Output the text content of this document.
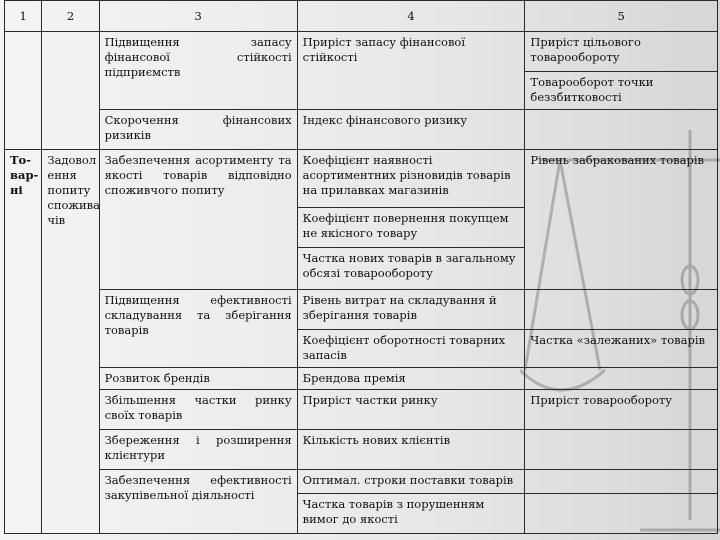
1	2	3	4	5
		Підвищення запасу фінансової стійкості підприємств	Приріст запасу фінансової стійкості	Приріст цільового товарообороту
				Товарооборот точки беззбитковості
		Скорочення фінансових ризиків	Індекс фінансового ризику	
То-вар-ні	Задовол ення попиту спожива чів	Забезпечення асортименту та якості товарів відповідно споживчого попиту	Коефіцієнт наявності асортиментних різновидів товарів на прилавках магазинів	Рівень забракованих товарів
			Коефіцієнт повернення покупцем не якісного товару	
			Частка нових товарів в загальному обсязі товарообороту	
		Підвищення ефективності складування та зберігання товарів	Рівень витрат на складування й зберігання товарів	
			Коефіцієнт оборотності товарних запасів	Частка «залежаних» товарів
		Розвиток брендів	Брендова премія	
		Збільшення частки ринку своїх товарів	Приріст частки ринку	Приріст товарообороту
		Збереження і розширення клієнтури	Кількість нових клієнтів	
		Забезпечення ефективності закупівельної діяльності	Оптимал. строки поставки товарів	
			Частка товарів з порушенням вимог до якості	
